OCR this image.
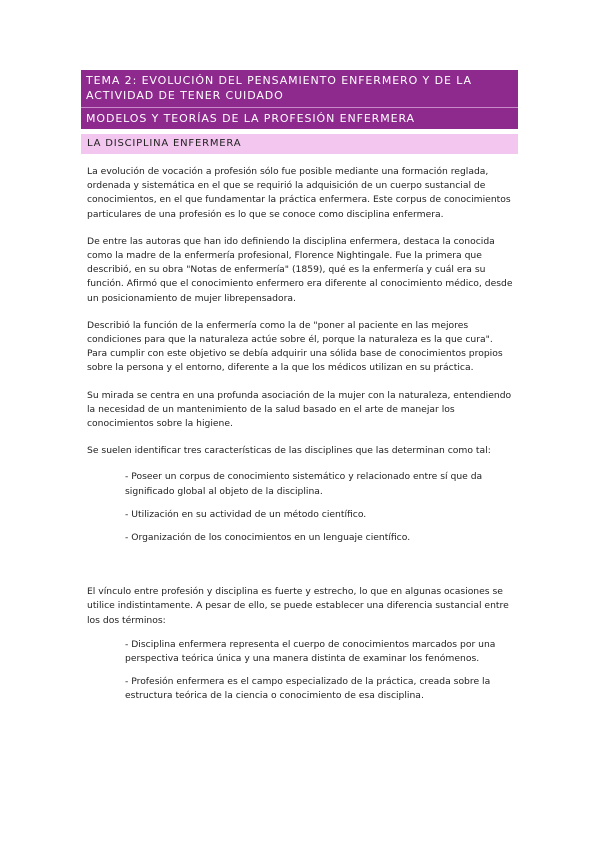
TEMA 2: EVOLUCIÓN DEL PENSAMIENTO ENFERMERO Y DE LA ACTIVIDAD DE TENER CUIDADO
MODELOS Y TEORÍAS DE LA PROFESIÓN ENFERMERA
LA DISCIPLINA ENFERMERA

La evolución de vocación a profesión sólo fue posible mediante una formación reglada, ordenada y sistemática en el que se requirió la adquisición de un cuerpo sustancial de conocimientos, en el que fundamentar la práctica enfermera. Este corpus de conocimientos particulares de una profesión es lo que se conoce como disciplina enfermera.

De entre las autoras que han ido definiendo la disciplina enfermera, destaca la conocida como la madre de la enfermería profesional, Florence Nightingale. Fue la primera que describió, en su obra "Notas de enfermería" (1859), qué es la enfermería y cuál era su función. Afirmó que el conocimiento enfermero era diferente al conocimiento médico, desde un posicionamiento de mujer librepensadora.

Describió la función de la enfermería como la de "poner al paciente en las mejores condiciones para que la naturaleza actúe sobre él, porque la naturaleza es la que cura". Para cumplir con este objetivo se debía adquirir una sólida base de conocimientos propios sobre la persona y el entorno, diferente a la que los médicos utilizan en su práctica.

Su mirada se centra en una profunda asociación de la mujer con la naturaleza, entendiendo la necesidad de un mantenimiento de la salud basado en el arte de manejar los conocimientos sobre la higiene.

Se suelen identificar tres características de las disciplines que las determinan como tal:

- Poseer un corpus de conocimiento sistemático y relacionado entre sí que da significado global al objeto de la disciplina.
- Utilización en su actividad de un método científico.
- Organización de los conocimientos en un lenguaje científico.

El vínculo entre profesión y disciplina es fuerte y estrecho, lo que en algunas ocasiones se utilice indistintamente. A pesar de ello, se puede establecer una diferencia sustancial entre los dos términos:

- Disciplina enfermera representa el cuerpo de conocimientos marcados por una perspectiva teórica única y una manera distinta de examinar los fenómenos.
- Profesión enfermera es el campo especializado de la práctica, creada sobre la estructura teórica de la ciencia o conocimiento de esa disciplina.
